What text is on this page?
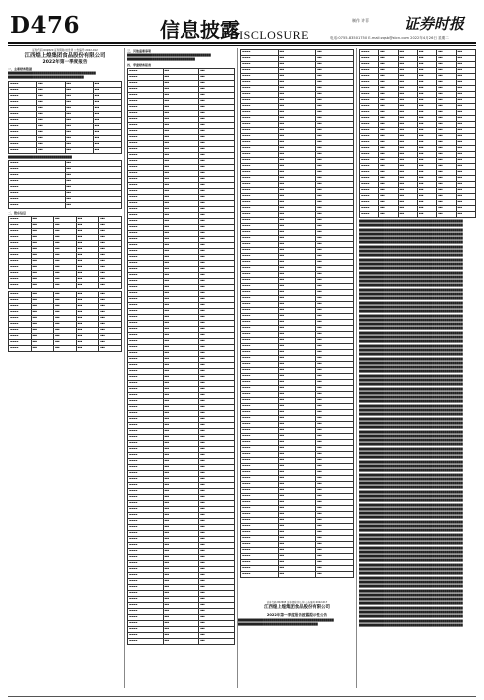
D476	信息披露
DISCLOSURE
制作 许菲 证券时报
电话:0755-83501750 E-mail:zqsb@stcn.com 2022年4月26日 星期二
证券代码:002820 证券简称:桂发祥 公告编号:2022-012
江西煌上煌集团食品股份有限公司
2022年第一季度报告
一、主要财务数据
████████████████████████████████████████████
██████████████████████████████████████
▬▬▬▬	▪▪▪	▪▪▪	▪▪▪
▬▬▬▬	▪▪▪	▪▪▪	▪▪▪
▬▬▬▬	▪▪▪	▪▪▪	▪▪▪
▬▬▬▬	▪▪▪	▪▪▪	▪▪▪
▬▬▬▬	▪▪▪	▪▪▪	▪▪▪
▬▬▬▬	▪▪▪	▪▪▪	▪▪▪
▬▬▬▬	▪▪▪	▪▪▪	▪▪▪
▬▬▬▬	▪▪▪	▪▪▪	▪▪▪
▬▬▬▬	▪▪▪	▪▪▪	▪▪▪
▬▬▬▬	▪▪▪	▪▪▪	▪▪▪
▬▬▬▬	▪▪▪	▪▪▪	▪▪▪
▬▬▬▬	▪▪▪	▪▪▪	▪▪▪
████████████████████████████████
▬▬▬▬	▪▪▪
▬▬▬▬	▪▪▪
▬▬▬▬	▪▪▪
▬▬▬▬	▪▪▪
▬▬▬▬	▪▪▪
▬▬▬▬	▪▪▪
▬▬▬▬	▪▪▪
▬▬▬▬	▪▪▪
二、股东信息
▬▬▬▬	▪▪▪	▪▪▪	▪▪▪	▪▪▪
▬▬▬▬	▪▪▪	▪▪▪	▪▪▪	▪▪▪
▬▬▬▬	▪▪▪	▪▪▪	▪▪▪	▪▪▪
▬▬▬▬	▪▪▪	▪▪▪	▪▪▪	▪▪▪
▬▬▬▬	▪▪▪	▪▪▪	▪▪▪	▪▪▪
▬▬▬▬	▪▪▪	▪▪▪	▪▪▪	▪▪▪
▬▬▬▬	▪▪▪	▪▪▪	▪▪▪	▪▪▪
▬▬▬▬	▪▪▪	▪▪▪	▪▪▪	▪▪▪
▬▬▬▬	▪▪▪	▪▪▪	▪▪▪	▪▪▪
▬▬▬▬	▪▪▪	▪▪▪	▪▪▪	▪▪▪
▬▬▬▬	▪▪▪	▪▪▪	▪▪▪	▪▪▪
▬▬▬▬	▪▪▪	▪▪▪	▪▪▪	▪▪▪
▬▬▬▬	▪▪▪	▪▪▪	▪▪▪	▪▪▪
▬▬▬▬	▪▪▪	▪▪▪	▪▪▪	▪▪▪
▬▬▬▬	▪▪▪	▪▪▪	▪▪▪	▪▪▪
▬▬▬▬	▪▪▪	▪▪▪	▪▪▪	▪▪▪
▬▬▬▬	▪▪▪	▪▪▪	▪▪▪	▪▪▪
▬▬▬▬	▪▪▪	▪▪▪	▪▪▪	▪▪▪
▬▬▬▬	▪▪▪	▪▪▪	▪▪▪	▪▪▪
▬▬▬▬	▪▪▪	▪▪▪	▪▪▪	▪▪▪
▬▬▬▬	▪▪▪	▪▪▪	▪▪▪	▪▪▪
▬▬▬▬	▪▪▪	▪▪▪	▪▪▪	▪▪▪
三、其他重要事项
██████████████████████████████████████████
██████████████████████████████████
四、季度财务报表
▬▬▬▬	▪▪▪	▪▪▪
▬▬▬▬	▪▪▪	▪▪▪
▬▬▬▬	▪▪▪	▪▪▪
▬▬▬▬	▪▪▪	▪▪▪
▬▬▬▬	▪▪▪	▪▪▪
▬▬▬▬	▪▪▪	▪▪▪
▬▬▬▬	▪▪▪	▪▪▪
▬▬▬▬	▪▪▪	▪▪▪
▬▬▬▬	▪▪▪	▪▪▪
▬▬▬▬	▪▪▪	▪▪▪
▬▬▬▬	▪▪▪	▪▪▪
▬▬▬▬	▪▪▪	▪▪▪
▬▬▬▬	▪▪▪	▪▪▪
▬▬▬▬	▪▪▪	▪▪▪
▬▬▬▬	▪▪▪	▪▪▪
▬▬▬▬	▪▪▪	▪▪▪
▬▬▬▬	▪▪▪	▪▪▪
▬▬▬▬	▪▪▪	▪▪▪
▬▬▬▬	▪▪▪	▪▪▪
▬▬▬▬	▪▪▪	▪▪▪
▬▬▬▬	▪▪▪	▪▪▪
▬▬▬▬	▪▪▪	▪▪▪
▬▬▬▬	▪▪▪	▪▪▪
▬▬▬▬	▪▪▪	▪▪▪
▬▬▬▬	▪▪▪	▪▪▪
▬▬▬▬	▪▪▪	▪▪▪
▬▬▬▬	▪▪▪	▪▪▪
▬▬▬▬	▪▪▪	▪▪▪
▬▬▬▬	▪▪▪	▪▪▪
▬▬▬▬	▪▪▪	▪▪▪
▬▬▬▬	▪▪▪	▪▪▪
▬▬▬▬	▪▪▪	▪▪▪
▬▬▬▬	▪▪▪	▪▪▪
▬▬▬▬	▪▪▪	▪▪▪
▬▬▬▬	▪▪▪	▪▪▪
▬▬▬▬	▪▪▪	▪▪▪
▬▬▬▬	▪▪▪	▪▪▪
▬▬▬▬	▪▪▪	▪▪▪
▬▬▬▬	▪▪▪	▪▪▪
▬▬▬▬	▪▪▪	▪▪▪
▬▬▬▬	▪▪▪	▪▪▪
▬▬▬▬	▪▪▪	▪▪▪
▬▬▬▬	▪▪▪	▪▪▪
▬▬▬▬	▪▪▪	▪▪▪
▬▬▬▬	▪▪▪	▪▪▪
▬▬▬▬	▪▪▪	▪▪▪
▬▬▬▬	▪▪▪	▪▪▪
▬▬▬▬	▪▪▪	▪▪▪
▬▬▬▬	▪▪▪	▪▪▪
▬▬▬▬	▪▪▪	▪▪▪
▬▬▬▬	▪▪▪	▪▪▪
▬▬▬▬	▪▪▪	▪▪▪
▬▬▬▬	▪▪▪	▪▪▪
▬▬▬▬	▪▪▪	▪▪▪
▬▬▬▬	▪▪▪	▪▪▪
▬▬▬▬	▪▪▪	▪▪▪
▬▬▬▬	▪▪▪	▪▪▪
▬▬▬▬	▪▪▪	▪▪▪
▬▬▬▬	▪▪▪	▪▪▪
▬▬▬▬	▪▪▪	▪▪▪
▬▬▬▬	▪▪▪	▪▪▪
▬▬▬▬	▪▪▪	▪▪▪
▬▬▬▬	▪▪▪	▪▪▪
▬▬▬▬	▪▪▪	▪▪▪
▬▬▬▬	▪▪▪	▪▪▪
▬▬▬▬	▪▪▪	▪▪▪
▬▬▬▬	▪▪▪	▪▪▪
▬▬▬▬	▪▪▪	▪▪▪
▬▬▬▬	▪▪▪	▪▪▪
▬▬▬▬	▪▪▪	▪▪▪
▬▬▬▬	▪▪▪	▪▪▪
▬▬▬▬	▪▪▪	▪▪▪
▬▬▬▬	▪▪▪	▪▪▪
▬▬▬▬	▪▪▪	▪▪▪
▬▬▬▬	▪▪▪	▪▪▪
▬▬▬▬	▪▪▪	▪▪▪
▬▬▬▬	▪▪▪	▪▪▪
▬▬▬▬	▪▪▪	▪▪▪
▬▬▬▬	▪▪▪	▪▪▪
▬▬▬▬	▪▪▪	▪▪▪
▬▬▬▬	▪▪▪	▪▪▪
▬▬▬▬	▪▪▪	▪▪▪
▬▬▬▬	▪▪▪	▪▪▪
▬▬▬▬	▪▪▪	▪▪▪
▬▬▬▬	▪▪▪	▪▪▪
▬▬▬▬	▪▪▪	▪▪▪
▬▬▬▬	▪▪▪	▪▪▪
▬▬▬▬	▪▪▪	▪▪▪
▬▬▬▬	▪▪▪	▪▪▪
▬▬▬▬	▪▪▪	▪▪▪
▬▬▬▬	▪▪▪	▪▪▪
▬▬▬▬	▪▪▪	▪▪▪
▬▬▬▬	▪▪▪	▪▪▪
▬▬▬▬	▪▪▪	▪▪▪
▬▬▬▬	▪▪▪	▪▪▪
▬▬▬▬	▪▪▪	▪▪▪
▬▬▬▬	▪▪▪	▪▪▪
▬▬▬▬	▪▪▪	▪▪▪
▬▬▬▬	▪▪▪	▪▪▪
▬▬▬▬	▪▪▪	▪▪▪
▬▬▬▬	▪▪▪	▪▪▪
▬▬▬▬	▪▪▪	▪▪▪
▬▬▬▬	▪▪▪	▪▪▪
▬▬▬▬	▪▪▪	▪▪▪
▬▬▬▬	▪▪▪	▪▪▪
▬▬▬▬	▪▪▪	▪▪▪
▬▬▬▬	▪▪▪	▪▪▪
▬▬▬▬	▪▪▪	▪▪▪
▬▬▬▬	▪▪▪	▪▪▪
▬▬▬▬	▪▪▪	▪▪▪
▬▬▬▬	▪▪▪	▪▪▪
▬▬▬▬	▪▪▪	▪▪▪
▬▬▬▬	▪▪▪	▪▪▪
▬▬▬▬	▪▪▪	▪▪▪
▬▬▬▬	▪▪▪	▪▪▪
▬▬▬▬	▪▪▪	▪▪▪
▬▬▬▬	▪▪▪	▪▪▪
▬▬▬▬	▪▪▪	▪▪▪
▬▬▬▬	▪▪▪	▪▪▪
▬▬▬▬	▪▪▪	▪▪▪
▬▬▬▬	▪▪▪	▪▪▪
▬▬▬▬	▪▪▪	▪▪▪
▬▬▬▬	▪▪▪	▪▪▪
▬▬▬▬	▪▪▪	▪▪▪
▬▬▬▬	▪▪▪	▪▪▪
▬▬▬▬	▪▪▪	▪▪▪
▬▬▬▬	▪▪▪	▪▪▪
▬▬▬▬	▪▪▪	▪▪▪
▬▬▬▬	▪▪▪	▪▪▪
▬▬▬▬	▪▪▪	▪▪▪
▬▬▬▬	▪▪▪	▪▪▪
▬▬▬▬	▪▪▪	▪▪▪
▬▬▬▬	▪▪▪	▪▪▪
▬▬▬▬	▪▪▪	▪▪▪
▬▬▬▬	▪▪▪	▪▪▪
▬▬▬▬	▪▪▪	▪▪▪
▬▬▬▬	▪▪▪	▪▪▪
▬▬▬▬	▪▪▪	▪▪▪
▬▬▬▬	▪▪▪	▪▪▪
▬▬▬▬	▪▪▪	▪▪▪
▬▬▬▬	▪▪▪	▪▪▪
▬▬▬▬	▪▪▪	▪▪▪
▬▬▬▬	▪▪▪	▪▪▪
▬▬▬▬	▪▪▪	▪▪▪
▬▬▬▬	▪▪▪	▪▪▪
▬▬▬▬	▪▪▪	▪▪▪
▬▬▬▬	▪▪▪	▪▪▪
▬▬▬▬	▪▪▪	▪▪▪
▬▬▬▬	▪▪▪	▪▪▪
▬▬▬▬	▪▪▪	▪▪▪
▬▬▬▬	▪▪▪	▪▪▪
▬▬▬▬	▪▪▪	▪▪▪
▬▬▬▬	▪▪▪	▪▪▪
▬▬▬▬	▪▪▪	▪▪▪
▬▬▬▬	▪▪▪	▪▪▪
▬▬▬▬	▪▪▪	▪▪▪
▬▬▬▬	▪▪▪	▪▪▪
▬▬▬▬	▪▪▪	▪▪▪
▬▬▬▬	▪▪▪	▪▪▪
▬▬▬▬	▪▪▪	▪▪▪
▬▬▬▬	▪▪▪	▪▪▪
▬▬▬▬	▪▪▪	▪▪▪
▬▬▬▬	▪▪▪	▪▪▪
▬▬▬▬	▪▪▪	▪▪▪
▬▬▬▬	▪▪▪	▪▪▪
▬▬▬▬	▪▪▪	▪▪▪
▬▬▬▬	▪▪▪	▪▪▪
▬▬▬▬	▪▪▪	▪▪▪
▬▬▬▬	▪▪▪	▪▪▪
▬▬▬▬	▪▪▪	▪▪▪
▬▬▬▬	▪▪▪	▪▪▪
▬▬▬▬	▪▪▪	▪▪▪
▬▬▬▬	▪▪▪	▪▪▪
▬▬▬▬	▪▪▪	▪▪▪
▬▬▬▬	▪▪▪	▪▪▪
▬▬▬▬	▪▪▪	▪▪▪
▬▬▬▬	▪▪▪	▪▪▪
▬▬▬▬	▪▪▪	▪▪▪
▬▬▬▬	▪▪▪	▪▪▪
▬▬▬▬	▪▪▪	▪▪▪
▬▬▬▬	▪▪▪	▪▪▪
▬▬▬▬	▪▪▪	▪▪▪
▬▬▬▬	▪▪▪	▪▪▪
▬▬▬▬	▪▪▪	▪▪▪
证券代码:002695 证券简称:煌上煌 公告编号:2022-017
江西煌上煌集团食品股份有限公司
2022年第一季度报告披露提示性公告
████████████████████████████████████████████████
████████████████████████████████████████
▬▬▬▬	▪▪▪	▪▪▪	▪▪▪	▪▪▪	▪▪▪
▬▬▬▬	▪▪▪	▪▪▪	▪▪▪	▪▪▪	▪▪▪
▬▬▬▬	▪▪▪	▪▪▪	▪▪▪	▪▪▪	▪▪▪
▬▬▬▬	▪▪▪	▪▪▪	▪▪▪	▪▪▪	▪▪▪
▬▬▬▬	▪▪▪	▪▪▪	▪▪▪	▪▪▪	▪▪▪
▬▬▬▬	▪▪▪	▪▪▪	▪▪▪	▪▪▪	▪▪▪
▬▬▬▬	▪▪▪	▪▪▪	▪▪▪	▪▪▪	▪▪▪
▬▬▬▬	▪▪▪	▪▪▪	▪▪▪	▪▪▪	▪▪▪
▬▬▬▬	▪▪▪	▪▪▪	▪▪▪	▪▪▪	▪▪▪
▬▬▬▬	▪▪▪	▪▪▪	▪▪▪	▪▪▪	▪▪▪
▬▬▬▬	▪▪▪	▪▪▪	▪▪▪	▪▪▪	▪▪▪
▬▬▬▬	▪▪▪	▪▪▪	▪▪▪	▪▪▪	▪▪▪
▬▬▬▬	▪▪▪	▪▪▪	▪▪▪	▪▪▪	▪▪▪
▬▬▬▬	▪▪▪	▪▪▪	▪▪▪	▪▪▪	▪▪▪
▬▬▬▬	▪▪▪	▪▪▪	▪▪▪	▪▪▪	▪▪▪
▬▬▬▬	▪▪▪	▪▪▪	▪▪▪	▪▪▪	▪▪▪
▬▬▬▬	▪▪▪	▪▪▪	▪▪▪	▪▪▪	▪▪▪
▬▬▬▬	▪▪▪	▪▪▪	▪▪▪	▪▪▪	▪▪▪
▬▬▬▬	▪▪▪	▪▪▪	▪▪▪	▪▪▪	▪▪▪
▬▬▬▬	▪▪▪	▪▪▪	▪▪▪	▪▪▪	▪▪▪
▬▬▬▬	▪▪▪	▪▪▪	▪▪▪	▪▪▪	▪▪▪
▬▬▬▬	▪▪▪	▪▪▪	▪▪▪	▪▪▪	▪▪▪
▬▬▬▬	▪▪▪	▪▪▪	▪▪▪	▪▪▪	▪▪▪
▬▬▬▬	▪▪▪	▪▪▪	▪▪▪	▪▪▪	▪▪▪
▬▬▬▬	▪▪▪	▪▪▪	▪▪▪	▪▪▪	▪▪▪
▬▬▬▬	▪▪▪	▪▪▪	▪▪▪	▪▪▪	▪▪▪
▬▬▬▬	▪▪▪	▪▪▪	▪▪▪	▪▪▪	▪▪▪
▬▬▬▬	▪▪▪	▪▪▪	▪▪▪	▪▪▪	▪▪▪
████████████████████████████████████████████████████
████████████████████████████████████████████████████
████████████████████████████████████████████████████
████████████████████████████████████████████████████
████████████████████████████████████████████████████
████████████████████████████████████████████████████
████████████████████████████████████████████████████
████████████████████████████████████████████████████
████████████████████████████████████████████████████
████████████████████████████████████████████████████
████████████████████████████████████████████████████
████████████████████████████████████████████████████
████████████████████████████████████████████████████
████████████████████████████████████████████████████
████████████████████████████████████████████████████
████████████████████████████████████████████████████
████████████████████████████████████████████████████
████████████████████████████████████████████████████
████████████████████████████████████████████████████
████████████████████████████████████████████████████
████████████████████████████████████████████████████
████████████████████████████████████████████████████
████████████████████████████████████████████████████
████████████████████████████████████████████████████
████████████████████████████████████████████████████
████████████████████████████████████████████████████
████████████████████████████████████████████████████
████████████████████████████████████████████████████
████████████████████████████████████████████████████
████████████████████████████████████████████████████
████████████████████████████████████████████████████
████████████████████████████████████████████████████
████████████████████████████████████████████████████
████████████████████████████████████████████████████
████████████████████████████████████████████████████
████████████████████████████████████████████████████
████████████████████████████████████████████████████
████████████████████████████████████████████████████
████████████████████████████████████████████████████
████████████████████████████████████████████████████
████████████████████████████████████████████████████
████████████████████████████████████████████████████
████████████████████████████████████████████████████
████████████████████████████████████████████████████
████████████████████████████████████████████████████
████████████████████████████████████████████████████
████████████████████████████████████████████████████
████████████████████████████████████████████████████
████████████████████████████████████████████████████
████████████████████████████████████████████████████
████████████████████████████████████████████████████
████████████████████████████████████████████████████
████████████████████████████████████████████████████
████████████████████████████████████████████████████
████████████████████████████████████████████████████
████████████████████████████████████████████████████
████████████████████████████████████████████████████
████████████████████████████████████████████████████
████████████████████████████████████████████████████
████████████████████████████████████████████████████
████████████████████████████████████████████████████
████████████████████████████████████████████████████
████████████████████████████████████████████████████
████████████████████████████████████████████████████
████████████████████████████████████████████████████
████████████████████████████████████████████████████
████████████████████████████████████████████████████
████████████████████████████████████████████████████
████████████████████████████████████████████████████
████████████████████████████████████████████████████
████████████████████████████████████████████████████
████████████████████████████████████████████████████
████████████████████████████████████████████████████
████████████████████████████████████████████████████
████████████████████████████████████████████████████
████████████████████████████████████████████████████
████████████████████████████████████████████████████
████████████████████████████████████████████████████
████████████████████████████████████████████████████
████████████████████████████████████████████████████
████████████████████████████████████████████████████
████████████████████████████████████████████████████
████████████████████████████████████████████████████
████████████████████████████████████████████████████
████████████████████████████████████████████████████
████████████████████████████████████████████████████
████████████████████████████████████████████████████
████████████████████████████████████████████████████
████████████████████████████████████████████████████
████████████████████████████████████████████████████
████████████████████████████████████████████████████
████████████████████████████████████████████████████
████████████████████████████████████████████████████
████████████████████████████████████████████████████
████████████████████████████████████████████████████
